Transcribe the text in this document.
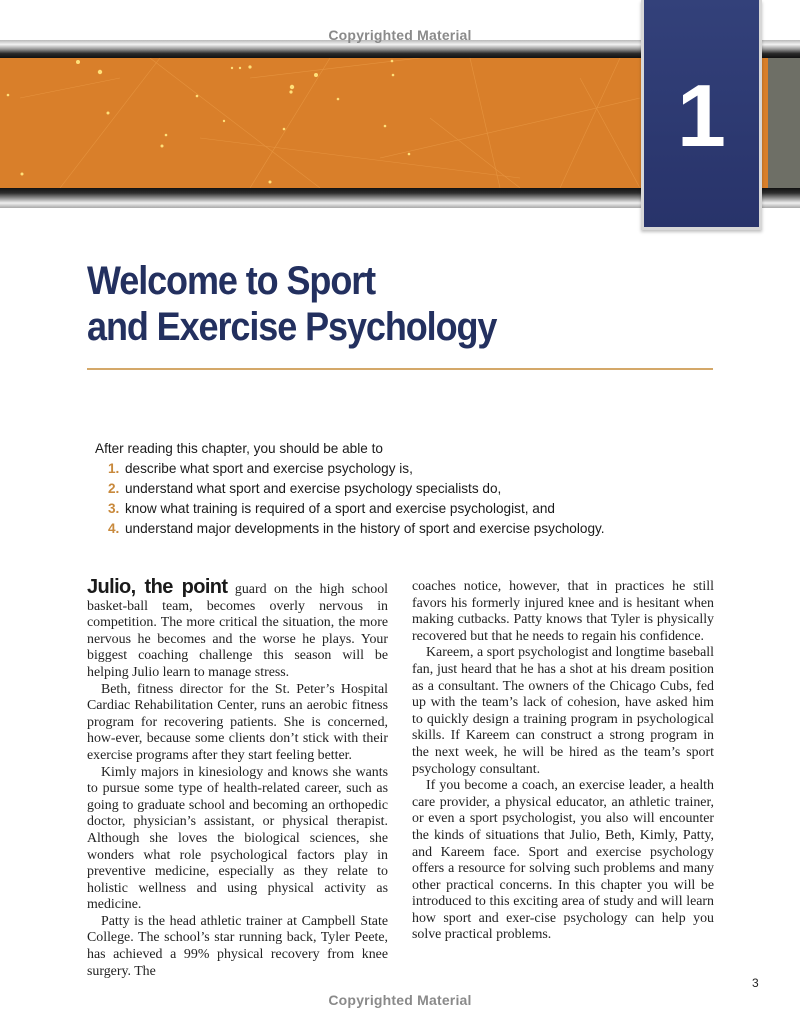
1
Copyrighted Material
Welcome to Sport
and Exercise Psychology
After reading this chapter, you should be able to
1. describe what sport and exercise psychology is,
2. understand what sport and exercise psychology specialists do,
3. know what training is required of a sport and exercise psychologist, and
4. understand major developments in the history of sport and exercise psychology.

Julio, the point guard on the high school basket-ball team, becomes overly nervous in competition. The more critical the situation, the more nervous he becomes and the worse he plays. Your biggest coaching challenge this season will be helping Julio learn to manage stress.

Beth, fitness director for the St. Peter’s Hospital Cardiac Rehabilitation Center, runs an aerobic fitness program for recovering patients. She is concerned, how-ever, because some clients don’t stick with their exercise programs after they start feeling better.

Kimly majors in kinesiology and knows she wants to pursue some type of health-related career, such as going to graduate school and becoming an orthopedic doctor, physician’s assistant, or physical therapist. Although she loves the biological sciences, she wonders what role psychological factors play in preventive medicine, especially as they relate to holistic wellness and using physical activity as medicine.

Patty is the head athletic trainer at Campbell State College. The school’s star running back, Tyler Peete, has achieved a 99% physical recovery from knee surgery. The

coaches notice, however, that in practices he still favors his formerly injured knee and is hesitant when making cutbacks. Patty knows that Tyler is physically recovered but that he needs to regain his confidence.

Kareem, a sport psychologist and longtime baseball fan, just heard that he has a shot at his dream position as a consultant. The owners of the Chicago Cubs, fed up with the team’s lack of cohesion, have asked him to quickly design a training program in psychological skills. If Kareem can construct a strong program in the next week, he will be hired as the team’s sport psychology consultant.

If you become a coach, an exercise leader, a health care provider, a physical educator, an athletic trainer, or even a sport psychologist, you also will encounter the kinds of situations that Julio, Beth, Kimly, Patty, and Kareem face. Sport and exercise psychology offers a resource for solving such problems and many other practical concerns. In this chapter you will be introduced to this exciting area of study and will learn how sport and exer-cise psychology can help you solve practical problems.

3
Copyrighted Material
